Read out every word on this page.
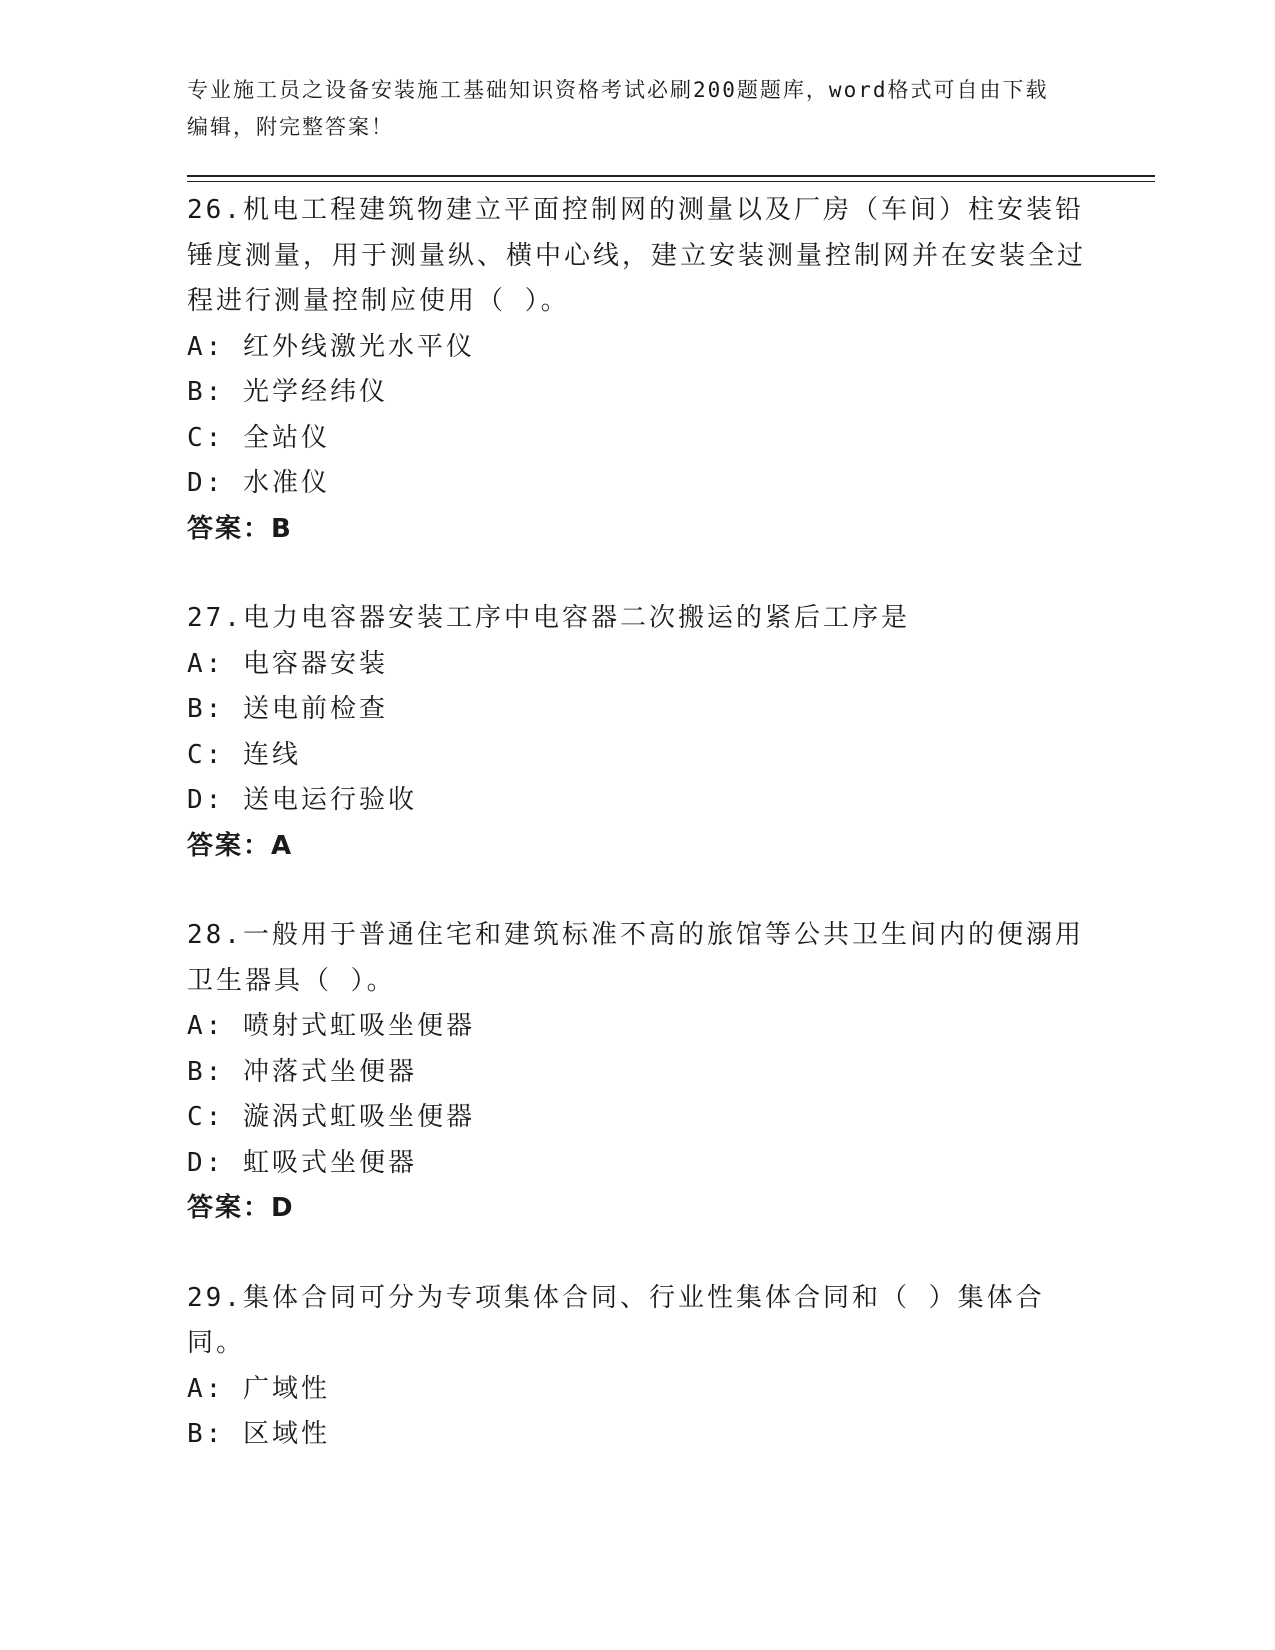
专业施工员之设备安装施工基础知识资格考试必刷200题题库，word格式可自由下载编辑，附完整答案！
26.机电工程建筑物建立平面控制网的测量以及厂房（车间）柱安装铅锤度测量，用于测量纵、横中心线，建立安装测量控制网并在安装全过程进行测量控制应使用（ ）。
A: 红外线激光水平仪
B: 光学经纬仪
C: 全站仪
D: 水准仪
答案：B
27.电力电容器安装工序中电容器二次搬运的紧后工序是
A: 电容器安装
B: 送电前检查
C: 连线
D: 送电运行验收
答案：A
28.一般用于普通住宅和建筑标准不高的旅馆等公共卫生间内的便溺用卫生器具（ ）。
A: 喷射式虹吸坐便器
B: 冲落式坐便器
C: 漩涡式虹吸坐便器
D: 虹吸式坐便器
答案：D
29.集体合同可分为专项集体合同、行业性集体合同和（ ）集体合同。
A: 广域性
B: 区域性
